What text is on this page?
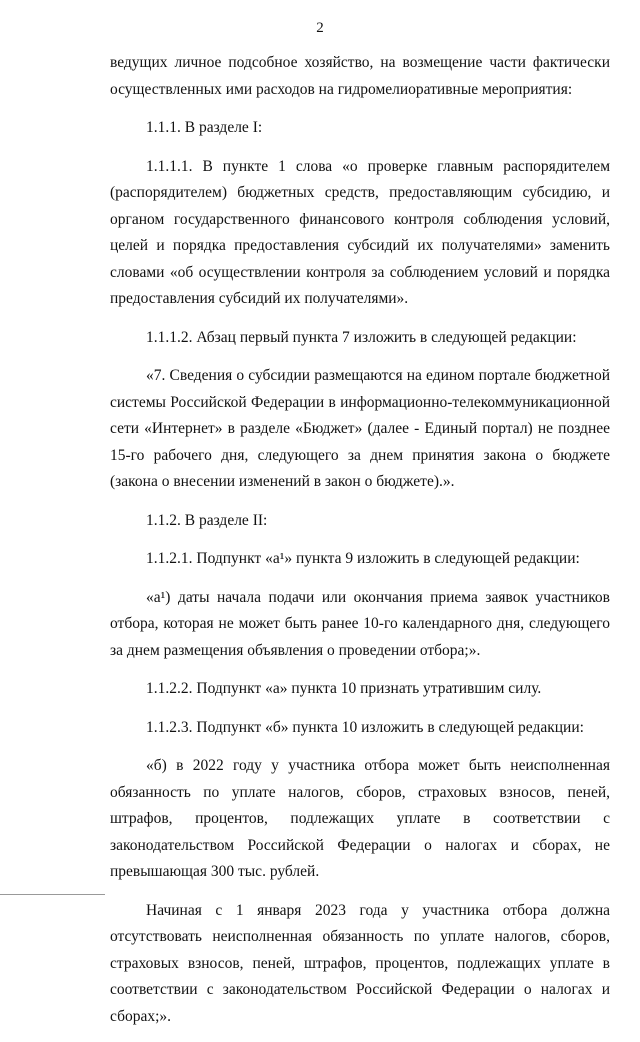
2

ведущих личное подсобное хозяйство, на возмещение части фактически осуществленных ими расходов на гидромелиоративные мероприятия:

1.1.1. В разделе I:

1.1.1.1. В пункте 1 слова «о проверке главным распорядителем (распорядителем) бюджетных средств, предоставляющим субсидию, и органом государственного финансового контроля соблюдения условий, целей и порядка предоставления субсидий их получателями» заменить словами «об осуществлении контроля за соблюдением условий и порядка предоставления субсидий их получателями».

1.1.1.2. Абзац первый пункта 7 изложить в следующей редакции:

«7. Сведения о субсидии размещаются на едином портале бюджетной системы Российской Федерации в информационно-телекоммуникационной сети «Интернет» в разделе «Бюджет» (далее - Единый портал) не позднее 15-го рабочего дня, следующего за днем принятия закона о бюджете (закона о внесении изменений в закон о бюджете).».

1.1.2. В разделе II:

1.1.2.1. Подпункт «а¹» пункта 9 изложить в следующей редакции:

«а¹) даты начала подачи или окончания приема заявок участников отбора, которая не может быть ранее 10-го календарного дня, следующего за днем размещения объявления о проведении отбора;».

1.1.2.2. Подпункт «а» пункта 10 признать утратившим силу.

1.1.2.3. Подпункт «б» пункта 10 изложить в следующей редакции:

«б) в 2022 году у участника отбора может быть неисполненная обязанность по уплате налогов, сборов, страховых взносов, пеней, штрафов, процентов, подлежащих уплате в соответствии с законодательством Российской Федерации о налогах и сборах, не превышающая 300 тыс. рублей.

Начиная с 1 января 2023 года у участника отбора должна отсутствовать неисполненная обязанность по уплате налогов, сборов, страховых взносов, пеней, штрафов, процентов, подлежащих уплате в соответствии с законодательством Российской Федерации о налогах и сборах;».
